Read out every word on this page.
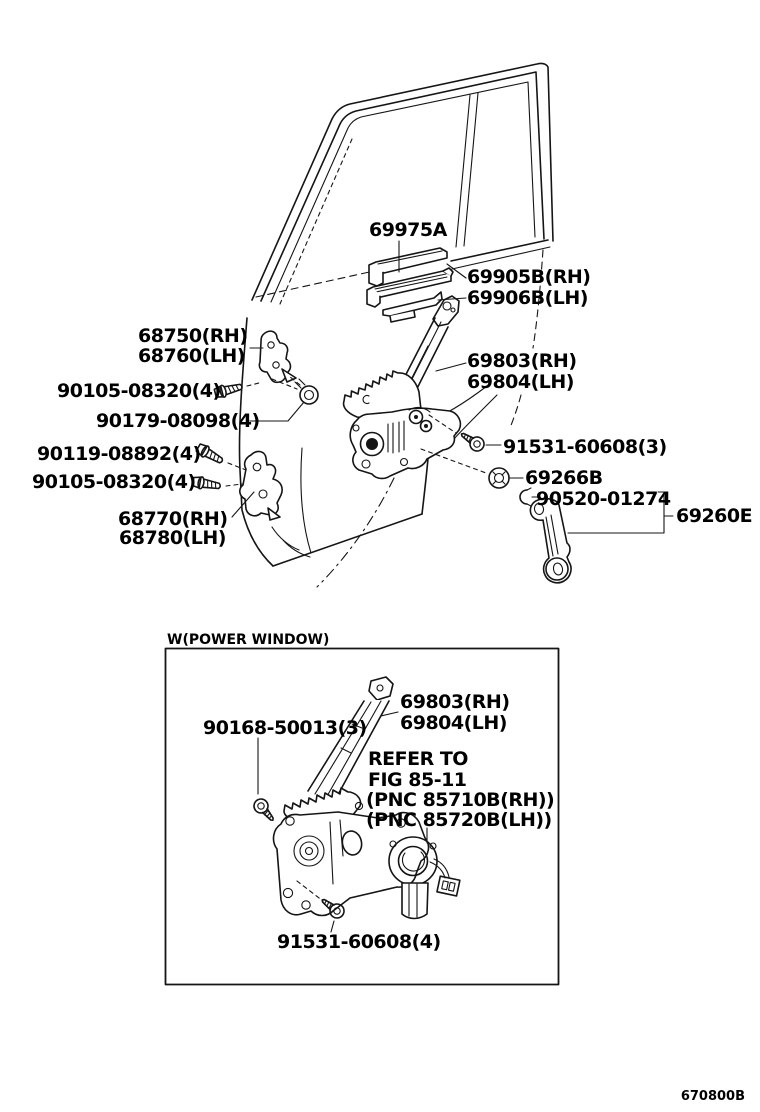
69975A
69905B(RH)
69906B(LH)
68750(RH)
68760(LH)
90105-08320(4)
90179-08098(4)
90119-08892(4)
90105-08320(4)
68770(RH)
68780(LH)
69803(RH)
69804(LH)
91531-60608(3)
69266B
90520-01274
69260E
W(POWER WINDOW)
69803(RH)
69804(LH)
90168-50013(3)
REFER TO
FIG 85-11
(PNC 85710B(RH))
(PNC 85720B(LH))
91531-60608(4)
670800B
